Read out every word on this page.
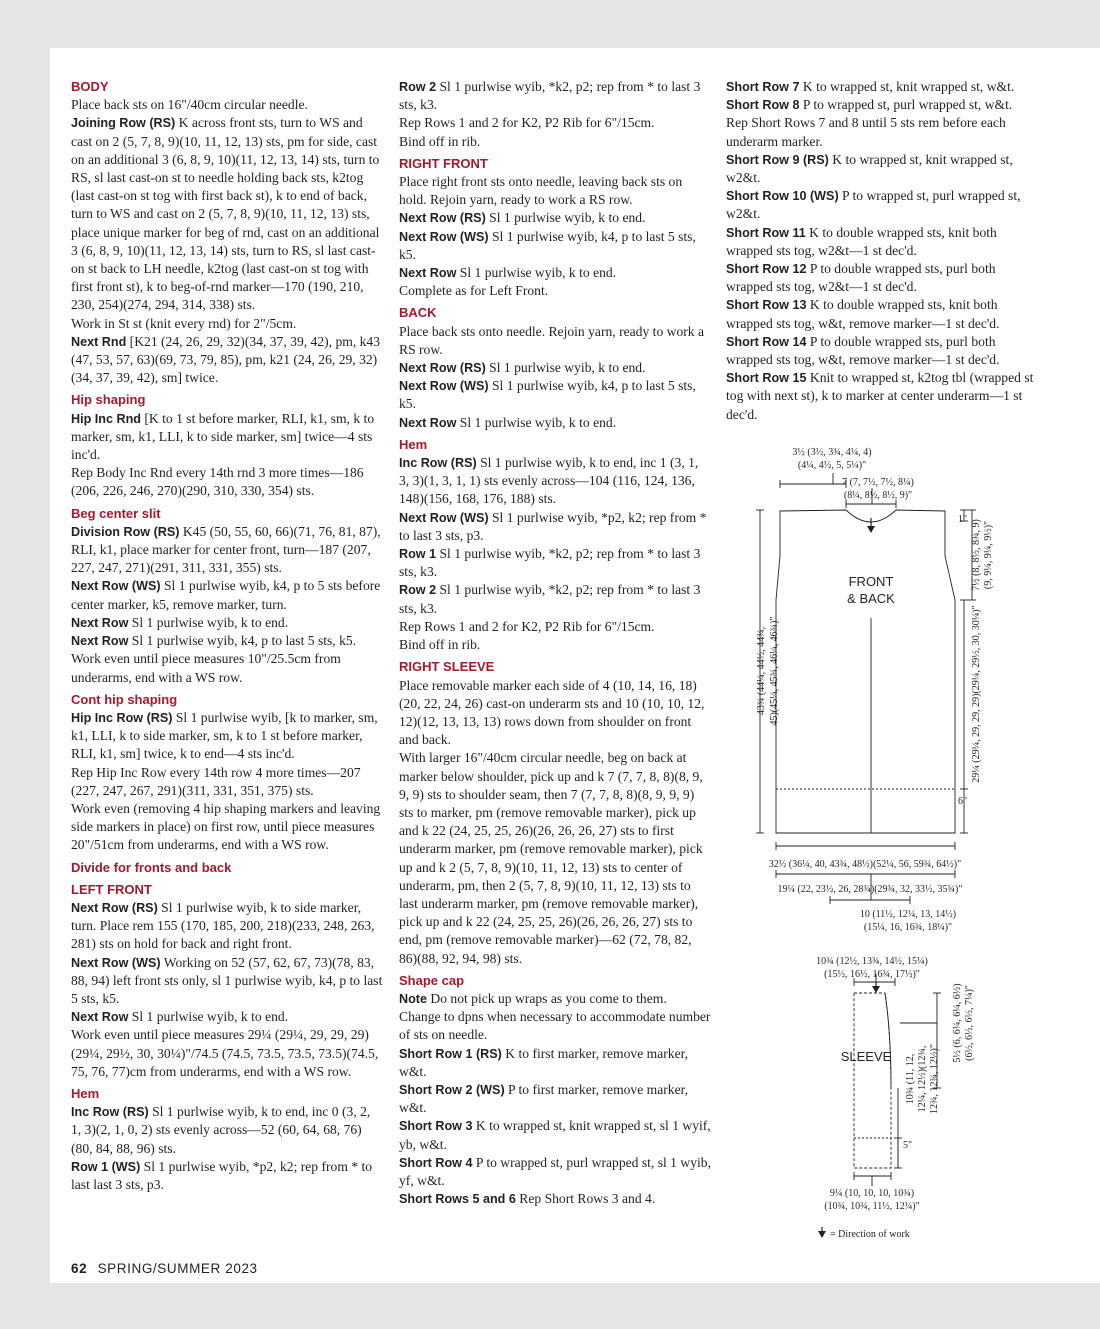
BODY
Place back sts on 16"/40cm circular needle.
Joining Row (RS) K across front sts, turn to WS and cast on 2 (5, 7, 8, 9)(10, 11, 12, 13) sts, pm for side, cast on an additional 3 (6, 8, 9, 10)(11, 12, 13, 14) sts, turn to RS, sl last cast-on st to needle holding back sts, k2tog (last cast-on st tog with first back st), k to end of back, turn to WS and cast on 2 (5, 7, 8, 9)(10, 11, 12, 13) sts, place unique marker for beg of rnd, cast on an additional 3 (6, 8, 9, 10)(11, 12, 13, 14) sts, turn to RS, sl last cast-on st back to LH needle, k2tog (last cast-on st tog with first front st), k to beg-of-rnd marker—170 (190, 210, 230, 254)(274, 294, 314, 338) sts.
Work in St st (knit every rnd) for 2"/5cm.
Next Rnd [K21 (24, 26, 29, 32)(34, 37, 39, 42), pm, k43 (47, 53, 57, 63)(69, 73, 79, 85), pm, k21 (24, 26, 29, 32)(34, 37, 39, 42), sm] twice.
Hip shaping
Hip Inc Rnd [K to 1 st before marker, RLI, k1, sm, k to marker, sm, k1, LLI, k to side marker, sm] twice—4 sts inc'd.
Rep Body Inc Rnd every 14th rnd 3 more times—186 (206, 226, 246, 270)(290, 310, 330, 354) sts.
Beg center slit
Division Row (RS) K45 (50, 55, 60, 66)(71, 76, 81, 87), RLI, k1, place marker for center front, turn—187 (207, 227, 247, 271)(291, 311, 331, 355) sts.
Next Row (WS) Sl 1 purlwise wyib, k4, p to 5 sts before center marker, k5, remove marker, turn.
Next Row Sl 1 purlwise wyib, k to end.
Next Row Sl 1 purlwise wyib, k4, p to last 5 sts, k5.
Work even until piece measures 10"/25.5cm from underarms, end with a WS row.
Cont hip shaping
Hip Inc Row (RS) Sl 1 purlwise wyib, [k to marker, sm, k1, LLI, k to side marker, sm, k to 1 st before marker, RLI, k1, sm] twice, k to end—4 sts inc'd.
Rep Hip Inc Row every 14th row 4 more times—207 (227, 247, 267, 291)(311, 331, 351, 375) sts.
Work even (removing 4 hip shaping markers and leaving side markers in place) on first row, until piece measures 20"/51cm from underarms, end with a WS row.
Divide for fronts and back
LEFT FRONT
Next Row (RS) Sl 1 purlwise wyib, k to side marker, turn. Place rem 155 (170, 185, 200, 218)(233, 248, 263, 281) sts on hold for back and right front.
Next Row (WS) Working on 52 (57, 62, 67, 73)(78, 83, 88, 94) left front sts only, sl 1 purlwise wyib, k4, p to last 5 sts, k5.
Next Row Sl 1 purlwise wyib, k to end.
Work even until piece measures 29¼ (29¼, 29, 29, 29)(29¼, 29½, 30, 30¼)"/74.5 (74.5, 73.5, 73.5, 73.5)(74.5, 75, 76, 77)cm from underarms, end with a WS row.
Hem
Inc Row (RS) Sl 1 purlwise wyib, k to end, inc 0 (3, 2, 1, 3)(2, 1, 0, 2) sts evenly across—52 (60, 64, 68, 76)(80, 84, 88, 96) sts.
Row 1 (WS) Sl 1 purlwise wyib, *p2, k2; rep from * to last last 3 sts, p3.
Row 2 Sl 1 purlwise wyib, *k2, p2; rep from * to last 3 sts, k3.
Rep Rows 1 and 2 for K2, P2 Rib for 6"/15cm.
Bind off in rib.
RIGHT FRONT
Place right front sts onto needle, leaving back sts on hold. Rejoin yarn, ready to work a RS row.
Next Row (RS) Sl 1 purlwise wyib, k to end.
Next Row (WS) Sl 1 purlwise wyib, k4, p to last 5 sts, k5.
Next Row Sl 1 purlwise wyib, k to end.
Complete as for Left Front.
BACK
Place back sts onto needle. Rejoin yarn, ready to work a RS row.
Next Row (RS) Sl 1 purlwise wyib, k to end.
Next Row (WS) Sl 1 purlwise wyib, k4, p to last 5 sts, k5.
Next Row Sl 1 purlwise wyib, k to end.
Hem
Inc Row (RS) Sl 1 purlwise wyib, k to end, inc 1 (3, 1, 3, 3)(1, 3, 1, 1) sts evenly across—104 (116, 124, 136, 148)(156, 168, 176, 188) sts.
Next Row (WS) Sl 1 purlwise wyib, *p2, k2; rep from * to last 3 sts, p3.
Row 1 Sl 1 purlwise wyib, *k2, p2; rep from * to last 3 sts, k3.
Row 2 Sl 1 purlwise wyib, *k2, p2; rep from * to last 3 sts, k3.
Rep Rows 1 and 2 for K2, P2 Rib for 6"/15cm.
Bind off in rib.
RIGHT SLEEVE
Place removable marker each side of 4 (10, 14, 16, 18)(20, 22, 24, 26) cast-on underarm sts and 10 (10, 10, 12, 12)(12, 13, 13, 13) rows down from shoulder on front and back.
With larger 16"/40cm circular needle, beg on back at marker below shoulder, pick up and k 7 (7, 7, 8, 8)(8, 9, 9, 9) sts to shoulder seam, then 7 (7, 7, 8, 8)(8, 9, 9, 9) sts to marker, pm (remove removable marker), pick up and k 22 (24, 25, 25, 26)(26, 26, 26, 27) sts to first underarm marker, pm (remove removable marker), pick up and k 2 (5, 7, 8, 9)(10, 11, 12, 13) sts to center of underarm, pm, then 2 (5, 7, 8, 9)(10, 11, 12, 13) sts to last underarm marker, pm (remove removable marker), pick up and k 22 (24, 25, 25, 26)(26, 26, 26, 27) sts to end, pm (remove removable marker)—62 (72, 78, 82, 86)(88, 92, 94, 98) sts.
Shape cap
Note Do not pick up wraps as you come to them. Change to dpns when necessary to accommodate number of sts on needle.
Short Row 1 (RS) K to first marker, remove marker, w&t.
Short Row 2 (WS) P to first marker, remove marker, w&t.
Short Row 3 K to wrapped st, knit wrapped st, sl 1 wyif, yb, w&t.
Short Row 4 P to wrapped st, purl wrapped st, sl 1 wyib, yf, w&t.
Short Rows 5 and 6 Rep Short Rows 3 and 4.
Short Row 7 K to wrapped st, knit wrapped st, w&t.
Short Row 8 P to wrapped st, purl wrapped st, w&t.
Rep Short Rows 7 and 8 until 5 sts rem before each underarm marker.
Short Row 9 (RS) K to wrapped st, knit wrapped st, w2&t.
Short Row 10 (WS) P to wrapped st, purl wrapped st, w2&t.
Short Row 11 K to double wrapped sts, knit both wrapped sts tog, w2&t—1 st dec'd.
Short Row 12 P to double wrapped sts, purl both wrapped sts tog, w2&t—1 st dec'd.
Short Row 13 K to double wrapped sts, knit both wrapped sts tog, w&t, remove marker—1 st dec'd.
Short Row 14 P to double wrapped sts, purl both wrapped sts tog, w&t, remove marker—1 st dec'd.
Short Row 15 Knit to wrapped st, k2tog tbl (wrapped st tog with next st), k to marker at center underarm—1 st dec'd.
FRONT
& BACK
3½ (3½, 3¾, 4¼, 4)
(4¼, 4½, 5, 5¼)"
7 (7, 7½, 7½, 8¼)
(8¼, 8½, 8½, 9)"
1"
6"
7½ (8, 8½, 8¾, 9) (9, 9¼, 9¼, 9½)"
29¼ (29¼, 29, 29, 29)(29¼, 29½, 30, 30¼)"
43¾ (44¼, 44½, 44¾, 45)(45¼, 45¾, 46¼, 46¾)"
32½ (36¼, 40, 43¾, 48½)(52¼, 56, 59¾, 64½)"
19¼ (22, 23½, 26, 28¾)(29¾, 32, 33½, 35¾)"
10 (11½, 12¼, 13, 14½)
(15¼, 16, 16¾, 18¼)"
SLEEVE
10¾ (12½, 13¾, 14½, 15¼)
(15½, 16½, 16¾, 17½)"
5½ (6, 6¼, 6¼, 6½) (6½, 6½, 6½, 7¼)"
10¾ (11, 12, 12¼, 12½)(12¾, 12¾, 12¾, 12½)"
5"
9¼ (10, 10, 10, 10¾)
(10¾, 10¾, 11½, 12¼)"
= Direction of work
62 SPRING/SUMMER 2023
